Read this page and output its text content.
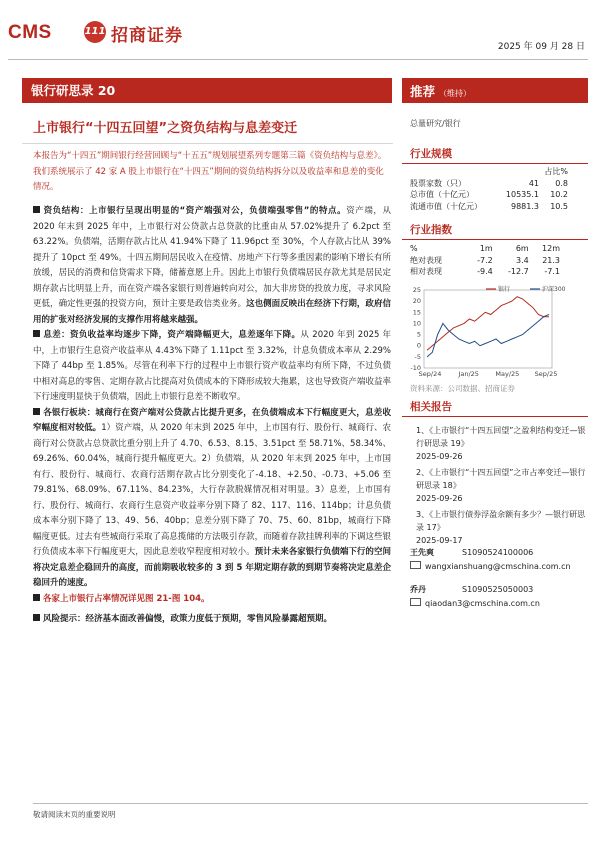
CMS	111 招商证券
2025 年 09 月 28 日
银行研思录 20	推荐 （维持）
上市银行“十四五回望”之资负结构与息差变迁
本报告为“十四五”期间银行经营回顾与“十五五”规划展望系列专题第三篇《资负结构与息差》。我们系统展示了 42 家 A 股上市银行在“十四五”期间的资负结构拆分以及收益率和息差的变化情况。

资负结构：上市银行呈现出明显的“资产端强对公，负债端强零售”的特点。资产端，从 2020 年末到 2025 年中，上市银行对公贷款占总贷款的比重由从 57.02%提升了 6.2pct 至 63.22%。负债端，活期存款占比从 41.94%下降了 11.96pct 至 30%，个人存款占比从 39%提升了 10pct 至 49%。十四五期间居民收入在疫情、房地产下行等多重因素的影响下增长有所放缓，居民的消费和信贷需求下降，储蓄意愿上升。因此上市银行负债端居民存款尤其是居民定期存款占比明显上升，而在资产端各家银行则普遍转向对公，加大非房贷的投放力度，寻求风险更低，确定性更强的投资方向，预计主要是政信类业务。这也侧面反映出在经济下行期，政府信用的扩张对经济发展的支撑作用将越来越强。

息差：资负收益率均逐步下降，资产端降幅更大，息差逐年下降。从 2020 年到 2025 年中，上市银行生息资产收益率从 4.43%下降了 1.11pct 至 3.32%，计息负债成本率从 2.29%下降了 44bp 至 1.85%。尽管在利率下行的过程中上市银行资产收益率均有所下降，不过负债中相对高息的零售、定期存款占比提高对负债成本的下降形成较大拖累，这也导致资产端收益率下行速度明显快于负债端，因此上市银行息差不断收窄。

各银行板块：城商行在资产端对公贷款占比提升更多，在负债端成本下行幅度更大，息差收窄幅度相对较低。1）资产端，从 2020 年末到 2025 年中，上市国有行、股份行、城商行、农商行对公贷款占总贷款比重分别上升了 4.70、6.53、8.15、3.51pct 至 58.71%、58.34%、69.26%、60.04%，城商行提升幅度更大。2）负债端，从 2020 年末到 2025 年中，上市国有行、股份行、城商行、农商行活期存款占比分别变化了-4.18、+2.50、-0.73、+5.06 至 79.81%、68.09%、67.11%、84.23%，大行存款脱媒情况相对明显。3）息差，上市国有行、股份行、城商行、农商行生息资产收益率分别下降了 82、117、116、114bp；计息负债成本率分别下降了 13、49、56、40bp；息差分别下降了 70、75、60、81bp，城商行下降幅度更低。过去有些城商行采取了高息揽储的方法吸引存款，而随着存款挂牌利率的下调这些银行负债成本率下行幅度更大，因此息差收窄程度相对较小。预计未来各家银行负债端下行的空间将决定息差企稳回升的高度，而前期吸收较多的 3 到 5 年期定期存款的到期节奏将决定息差企稳回升的速度。

各家上市银行占率情况详见图 21-图 104。

风险提示：经济基本面改善偏慢，政策力度低于预期，零售风险暴露超预期。

总量研究/银行
行业规模
		占比%
股票家数（只）	41	0.8
总市值（十亿元）	10535.1	10.2
流通市值（十亿元）	9881.3	10.5
行业指数
%	1m	6m	12m
绝对表现	-7.2	3.4	21.3
相对表现	-9.4	-12.7	-7.1
25
20
15
10
5
0
-5
-10
Sep/24	Jan/25	May/25 Sep/25
银行	沪深300
资料来源：公司数据、招商证券
相关报告
1、《上市银行“十四五回望”之盈利结构变迁—银行研思录 19》
2025-09-26
2、《上市银行“十四五回望”之市占率变迁—银行研思录 18》
2025-09-26
3、《上市银行债券浮盈余额有多少？—银行研思录 17》
2025-09-17
王先爽	S1090524100006
wangxianshuang@cmschina.com.cn
乔丹	S1090525050003
qiaodan3@cmschina.com.cn
敬请阅读末页的重要说明
